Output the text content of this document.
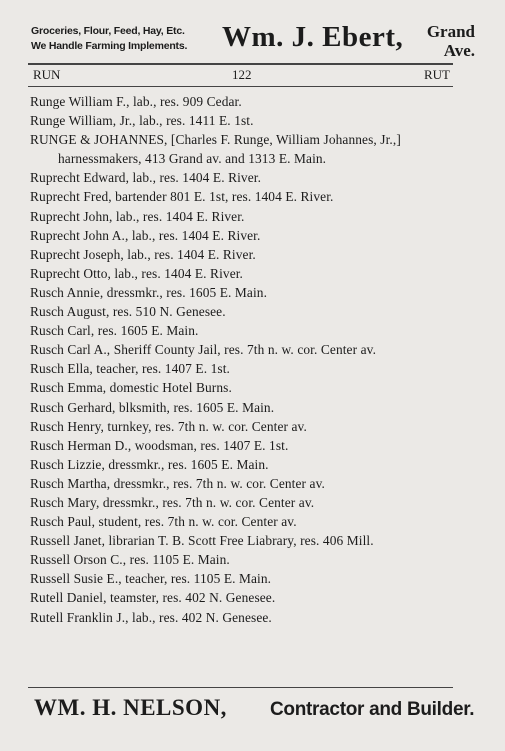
Groceries, Flour, Feed, Hay, Etc.
We Handle Farming Implements. Wm. J. Ebert, Grand
Ave.
RUN	122	RUT
Runge William F., lab., res. 909 Cedar.
Runge William, Jr., lab., res. 1411 E. 1st.
RUNGE & JOHANNES, [Charles F. Runge, William Johannes, Jr.,] harnessmakers, 413 Grand av. and 1313 E. Main.
Ruprecht Edward, lab., res. 1404 E. River.
Ruprecht Fred, bartender 801 E. 1st, res. 1404 E. River.
Ruprecht John, lab., res. 1404 E. River.
Ruprecht John A., lab., res. 1404 E. River.
Ruprecht Joseph, lab., res. 1404 E. River.
Ruprecht Otto, lab., res. 1404 E. River.
Rusch Annie, dressmkr., res. 1605 E. Main.
Rusch August, res. 510 N. Genesee.
Rusch Carl, res. 1605 E. Main.
Rusch Carl A., Sheriff County Jail, res. 7th n. w. cor. Center av.
Rusch Ella, teacher, res. 1407 E. 1st.
Rusch Emma, domestic Hotel Burns.
Rusch Gerhard, blksmith, res. 1605 E. Main.
Rusch Henry, turnkey, res. 7th n. w. cor. Center av.
Rusch Herman D., woodsman, res. 1407 E. 1st.
Rusch Lizzie, dressmkr., res. 1605 E. Main.
Rusch Martha, dressmkr., res. 7th n. w. cor. Center av.
Rusch Mary, dressmkr., res. 7th n. w. cor. Center av.
Rusch Paul, student, res. 7th n. w. cor. Center av.
Russell Janet, librarian T. B. Scott Free Liabrary, res. 406 Mill.
Russell Orson C., res. 1105 E. Main.
Russell Susie E., teacher, res. 1105 E. Main.
Rutell Daniel, teamster, res. 402 N. Genesee.
Rutell Franklin J., lab., res. 402 N. Genesee.
WM. H. NELSON, Contractor and Builder.
